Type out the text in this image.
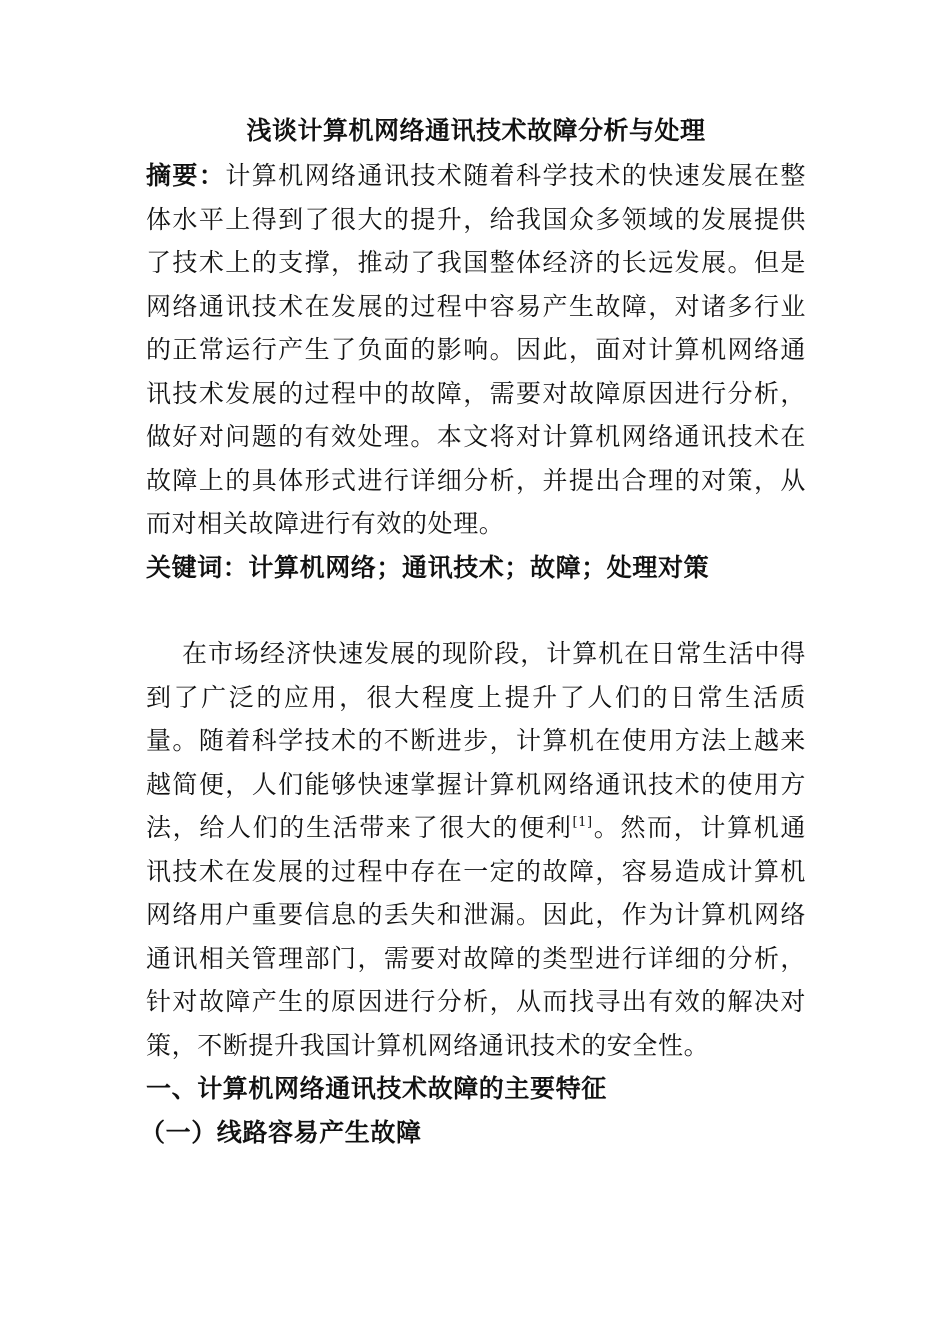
浅谈计算机网络通讯技术故障分析与处理

摘要：计算机网络通讯技术随着科学技术的快速发展在整体水平上得到了很大的提升，给我国众多领域的发展提供了技术上的支撑，推动了我国整体经济的长远发展。但是网络通讯技术在发展的过程中容易产生故障，对诸多行业的正常运行产生了负面的影响。因此，面对计算机网络通讯技术发展的过程中的故障，需要对故障原因进行分析，做好对问题的有效处理。本文将对计算机网络通讯技术在故障上的具体形式进行详细分析，并提出合理的对策，从而对相关故障进行有效的处理。

关键词：计算机网络；通讯技术；故障；处理对策

在市场经济快速发展的现阶段，计算机在日常生活中得到了广泛的应用，很大程度上提升了人们的日常生活质量。随着科学技术的不断进步，计算机在使用方法上越来越简便，人们能够快速掌握计算机网络通讯技术的使用方法，给人们的生活带来了很大的便利[1]。然而，计算机通讯技术在发展的过程中存在一定的故障，容易造成计算机网络用户重要信息的丢失和泄漏。因此，作为计算机网络通讯相关管理部门，需要对故障的类型进行详细的分析，针对故障产生的原因进行分析，从而找寻出有效的解决对策，不断提升我国计算机网络通讯技术的安全性。

一、计算机网络通讯技术故障的主要特征
（一）线路容易产生故障
